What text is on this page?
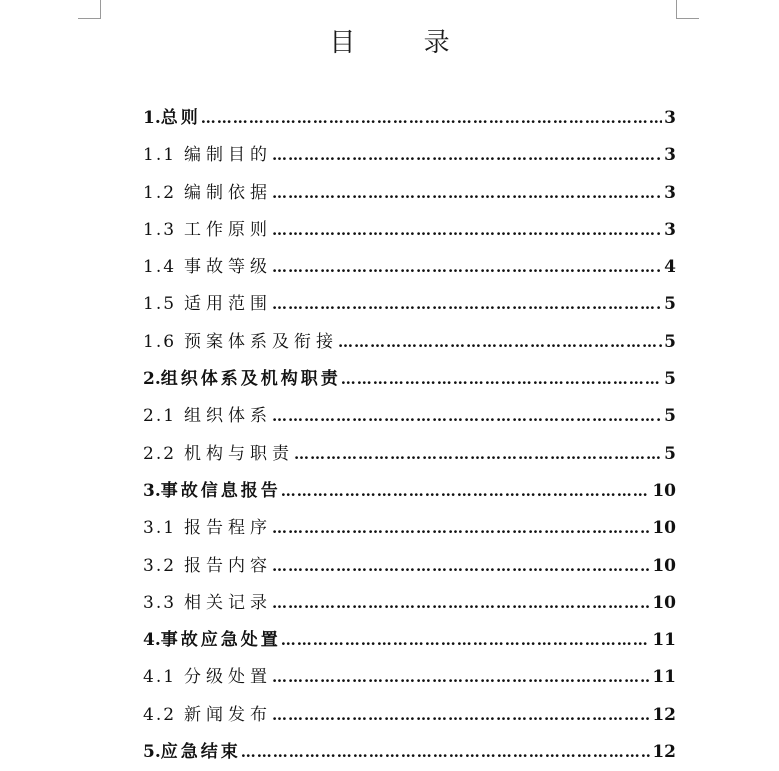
目 录
1. 总则 ……………………………………………………………………………………………………………………………………	3
1.1 编制目的 ……………………………………………………………………………………………………………………………………	3
1.2 编制依据 ……………………………………………………………………………………………………………………………………	3
1.3 工作原则 ……………………………………………………………………………………………………………………………………	3
1.4 事故等级 ……………………………………………………………………………………………………………………………………	4
1.5 适用范围 ……………………………………………………………………………………………………………………………………	5
1.6 预案体系及衔接 ……………………………………………………………………………………………………………………………………	5
2. 组织体系及机构职责 ……………………………………………………………………………………………………………………………………	5
2.1 组织体系 ……………………………………………………………………………………………………………………………………	5
2.2 机构与职责 ……………………………………………………………………………………………………………………………………	5
3. 事故信息报告 ……………………………………………………………………………………………………………………………………	10
3.1 报告程序 ……………………………………………………………………………………………………………………………………	10
3.2 报告内容 ……………………………………………………………………………………………………………………………………	10
3.3 相关记录 ……………………………………………………………………………………………………………………………………	10
4. 事故应急处置 ……………………………………………………………………………………………………………………………………	11
4.1 分级处置 ……………………………………………………………………………………………………………………………………	11
4.2 新闻发布 ……………………………………………………………………………………………………………………………………	12
5. 应急结束 ……………………………………………………………………………………………………………………………………	12
